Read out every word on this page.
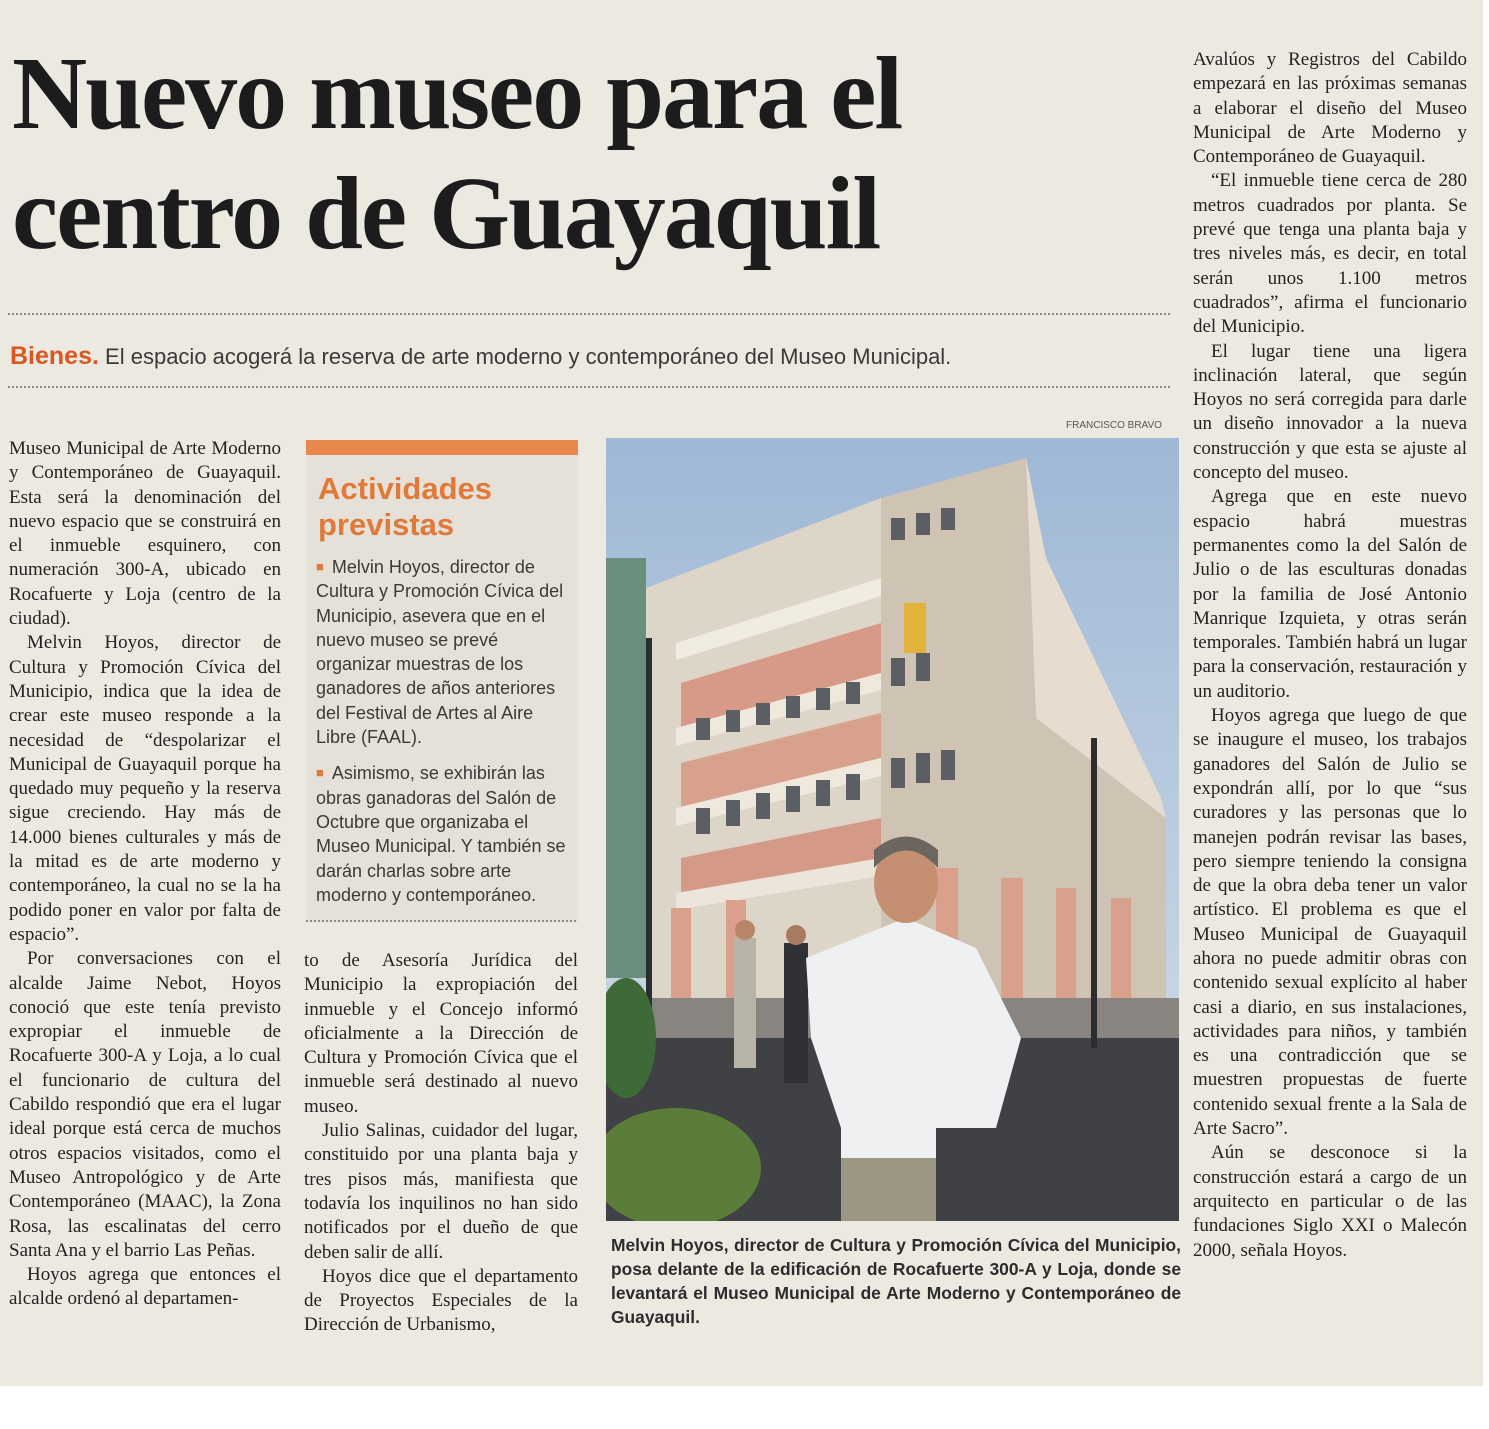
Nuevo museo para el
centro de Guayaquil
Bienes. El espacio acogerá la reserva de arte moderno y contemporáneo del Museo Municipal.

Museo Municipal de Arte Moderno y Contemporáneo de Guayaquil. Esta será la denominación del nuevo espacio que se construirá en el inmueble esquinero, con numeración 300-A, ubicado en Rocafuerte y Loja (centro de la ciudad).

Melvin Hoyos, director de Cultura y Promoción Cívica del Municipio, indica que la idea de crear este museo responde a la necesidad de “despolarizar el Municipal de Guayaquil porque ha quedado muy pequeño y la reserva sigue creciendo. Hay más de 14.000 bienes culturales y más de la mitad es de arte moderno y contemporáneo, la cual no se la ha podido poner en valor por falta de espacio”.

Por conversaciones con el alcalde Jaime Nebot, Hoyos conoció que este tenía previsto expropiar el inmueble de Rocafuerte 300-A y Loja, a lo cual el funcionario de cultura del Cabildo respondió que era el lugar ideal porque está cerca de muchos otros espacios visitados, como el Museo Antropológico y de Arte Contemporáneo (MAAC), la Zona Rosa, las escalinatas del cerro Santa Ana y el barrio Las Peñas.

Hoyos agrega que entonces el alcalde ordenó al departamen-

Actividades previstas
■ Melvin Hoyos, director de Cultura y Promoción Cívica del Municipio, asevera que en el nuevo museo se prevé organizar muestras de los ganadores de años anteriores del Festival de Artes al Aire Libre (FAAL).
■ Asimismo, se exhibirán las obras ganadoras del Salón de Octubre que organizaba el Museo Municipal. Y también se darán charlas sobre arte moderno y contemporáneo.

to de Asesoría Jurídica del Municipio la expropiación del inmueble y el Concejo informó oficialmente a la Dirección de Cultura y Promoción Cívica que el inmueble será destinado al nuevo museo.

Julio Salinas, cuidador del lugar, constituido por una planta baja y tres pisos más, manifiesta que todavía los inquilinos no han sido notificados por el dueño de que deben salir de allí.

Hoyos dice que el departamento de Proyectos Especiales de la Dirección de Urbanismo,

FRANCISCO BRAVO

Melvin Hoyos, director de Cultura y Promoción Cívica del Municipio, posa delante de la edificación de Rocafuerte 300-A y Loja, donde se levantará el Museo Municipal de Arte Moderno y Contemporáneo de Guayaquil.

Avalúos y Registros del Cabildo empezará en las próximas semanas a elaborar el diseño del Museo Municipal de Arte Moderno y Contemporáneo de Guayaquil.

“El inmueble tiene cerca de 280 metros cuadrados por planta. Se prevé que tenga una planta baja y tres niveles más, es decir, en total serán unos 1.100 metros cuadrados”, afirma el funcionario del Municipio.

El lugar tiene una ligera inclinación lateral, que según Hoyos no será corregida para darle un diseño innovador a la nueva construcción y que esta se ajuste al concepto del museo.

Agrega que en este nuevo espacio habrá muestras permanentes como la del Salón de Julio o de las esculturas donadas por la familia de José Antonio Manrique Izquieta, y otras serán temporales. También habrá un lugar para la conservación, restauración y un auditorio.

Hoyos agrega que luego de que se inaugure el museo, los trabajos ganadores del Salón de Julio se expondrán allí, por lo que “sus curadores y las personas que lo manejen podrán revisar las bases, pero siempre teniendo la consigna de que la obra deba tener un valor artístico. El problema es que el Museo Municipal de Guayaquil ahora no puede admitir obras con contenido sexual explícito al haber casi a diario, en sus instalaciones, actividades para niños, y también es una contradicción que se muestren propuestas de fuerte contenido sexual frente a la Sala de Arte Sacro”.

Aún se desconoce si la construcción estará a cargo de un arquitecto en particular o de las fundaciones Siglo XXI o Malecón 2000, señala Hoyos.
